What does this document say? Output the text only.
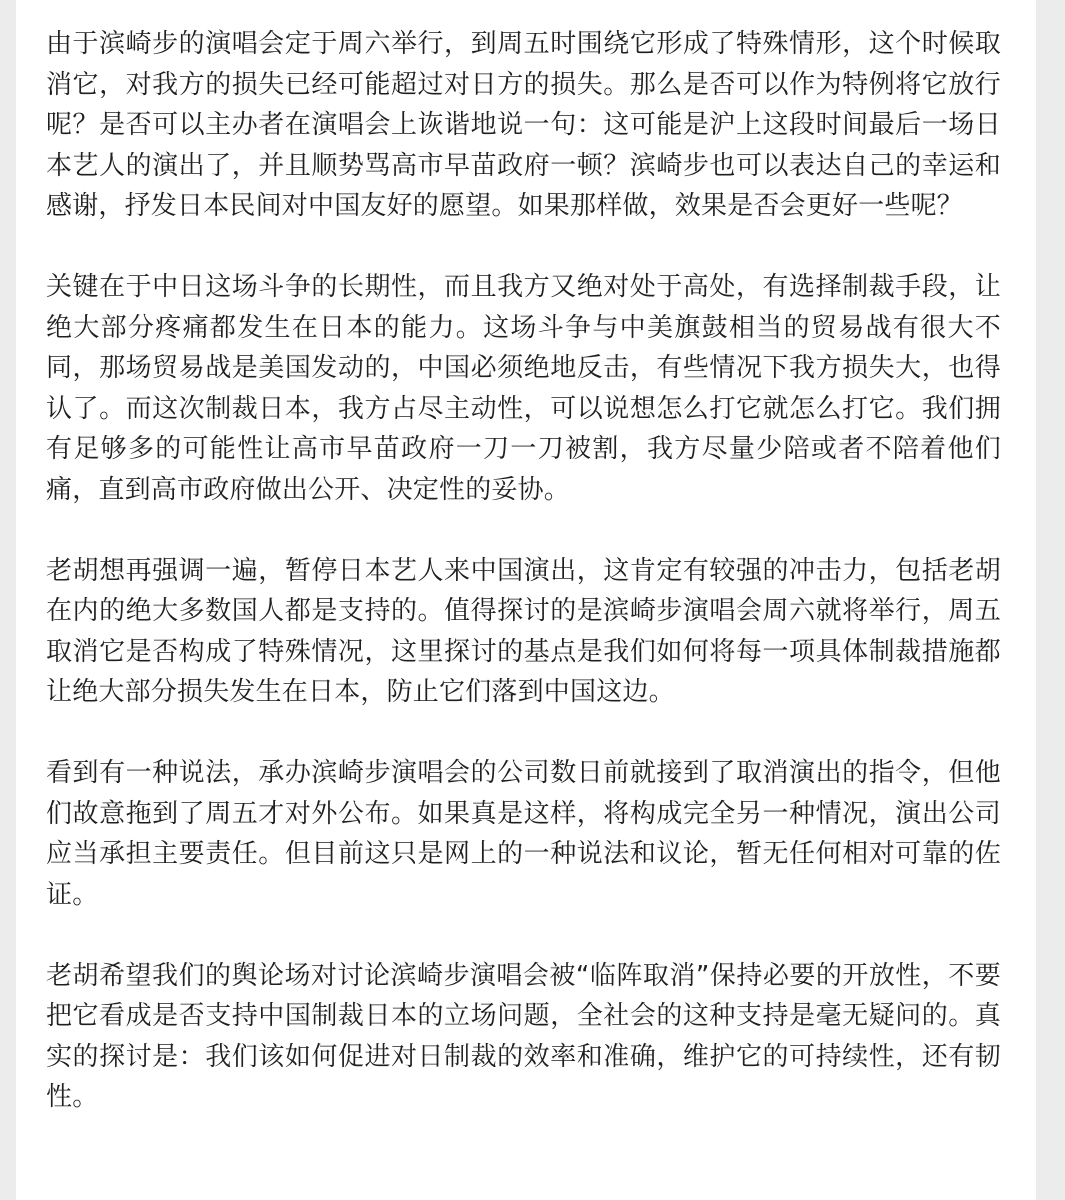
由于滨崎步的演唱会定于周六举行，到周五时围绕它形成了特殊情形，这个时候取消它，对我方的损失已经可能超过对日方的损失。那么是否可以作为特例将它放行呢？是否可以主办者在演唱会上诙谐地说一句：这可能是沪上这段时间最后一场日本艺人的演出了，并且顺势骂高市早苗政府一顿？滨崎步也可以表达自己的幸运和感谢，抒发日本民间对中国友好的愿望。如果那样做，效果是否会更好一些呢？

关键在于中日这场斗争的长期性，而且我方又绝对处于高处，有选择制裁手段，让绝大部分疼痛都发生在日本的能力。这场斗争与中美旗鼓相当的贸易战有很大不同，那场贸易战是美国发动的，中国必须绝地反击，有些情况下我方损失大，也得认了。而这次制裁日本，我方占尽主动性，可以说想怎么打它就怎么打它。我们拥有足够多的可能性让高市早苗政府一刀一刀被割，我方尽量少陪或者不陪着他们痛，直到高市政府做出公开、决定性的妥协。

老胡想再强调一遍，暂停日本艺人来中国演出，这肯定有较强的冲击力，包括老胡在内的绝大多数国人都是支持的。值得探讨的是滨崎步演唱会周六就将举行，周五取消它是否构成了特殊情况，这里探讨的基点是我们如何将每一项具体制裁措施都让绝大部分损失发生在日本，防止它们落到中国这边。

看到有一种说法，承办滨崎步演唱会的公司数日前就接到了取消演出的指令，但他们故意拖到了周五才对外公布。如果真是这样，将构成完全另一种情况，演出公司应当承担主要责任。但目前这只是网上的一种说法和议论，暂无任何相对可靠的佐证。

老胡希望我们的舆论场对讨论滨崎步演唱会被“临阵取消”保持必要的开放性，不要把它看成是否支持中国制裁日本的立场问题，全社会的这种支持是毫无疑问的。真实的探讨是：我们该如何促进对日制裁的效率和准确，维护它的可持续性，还有韧性。
